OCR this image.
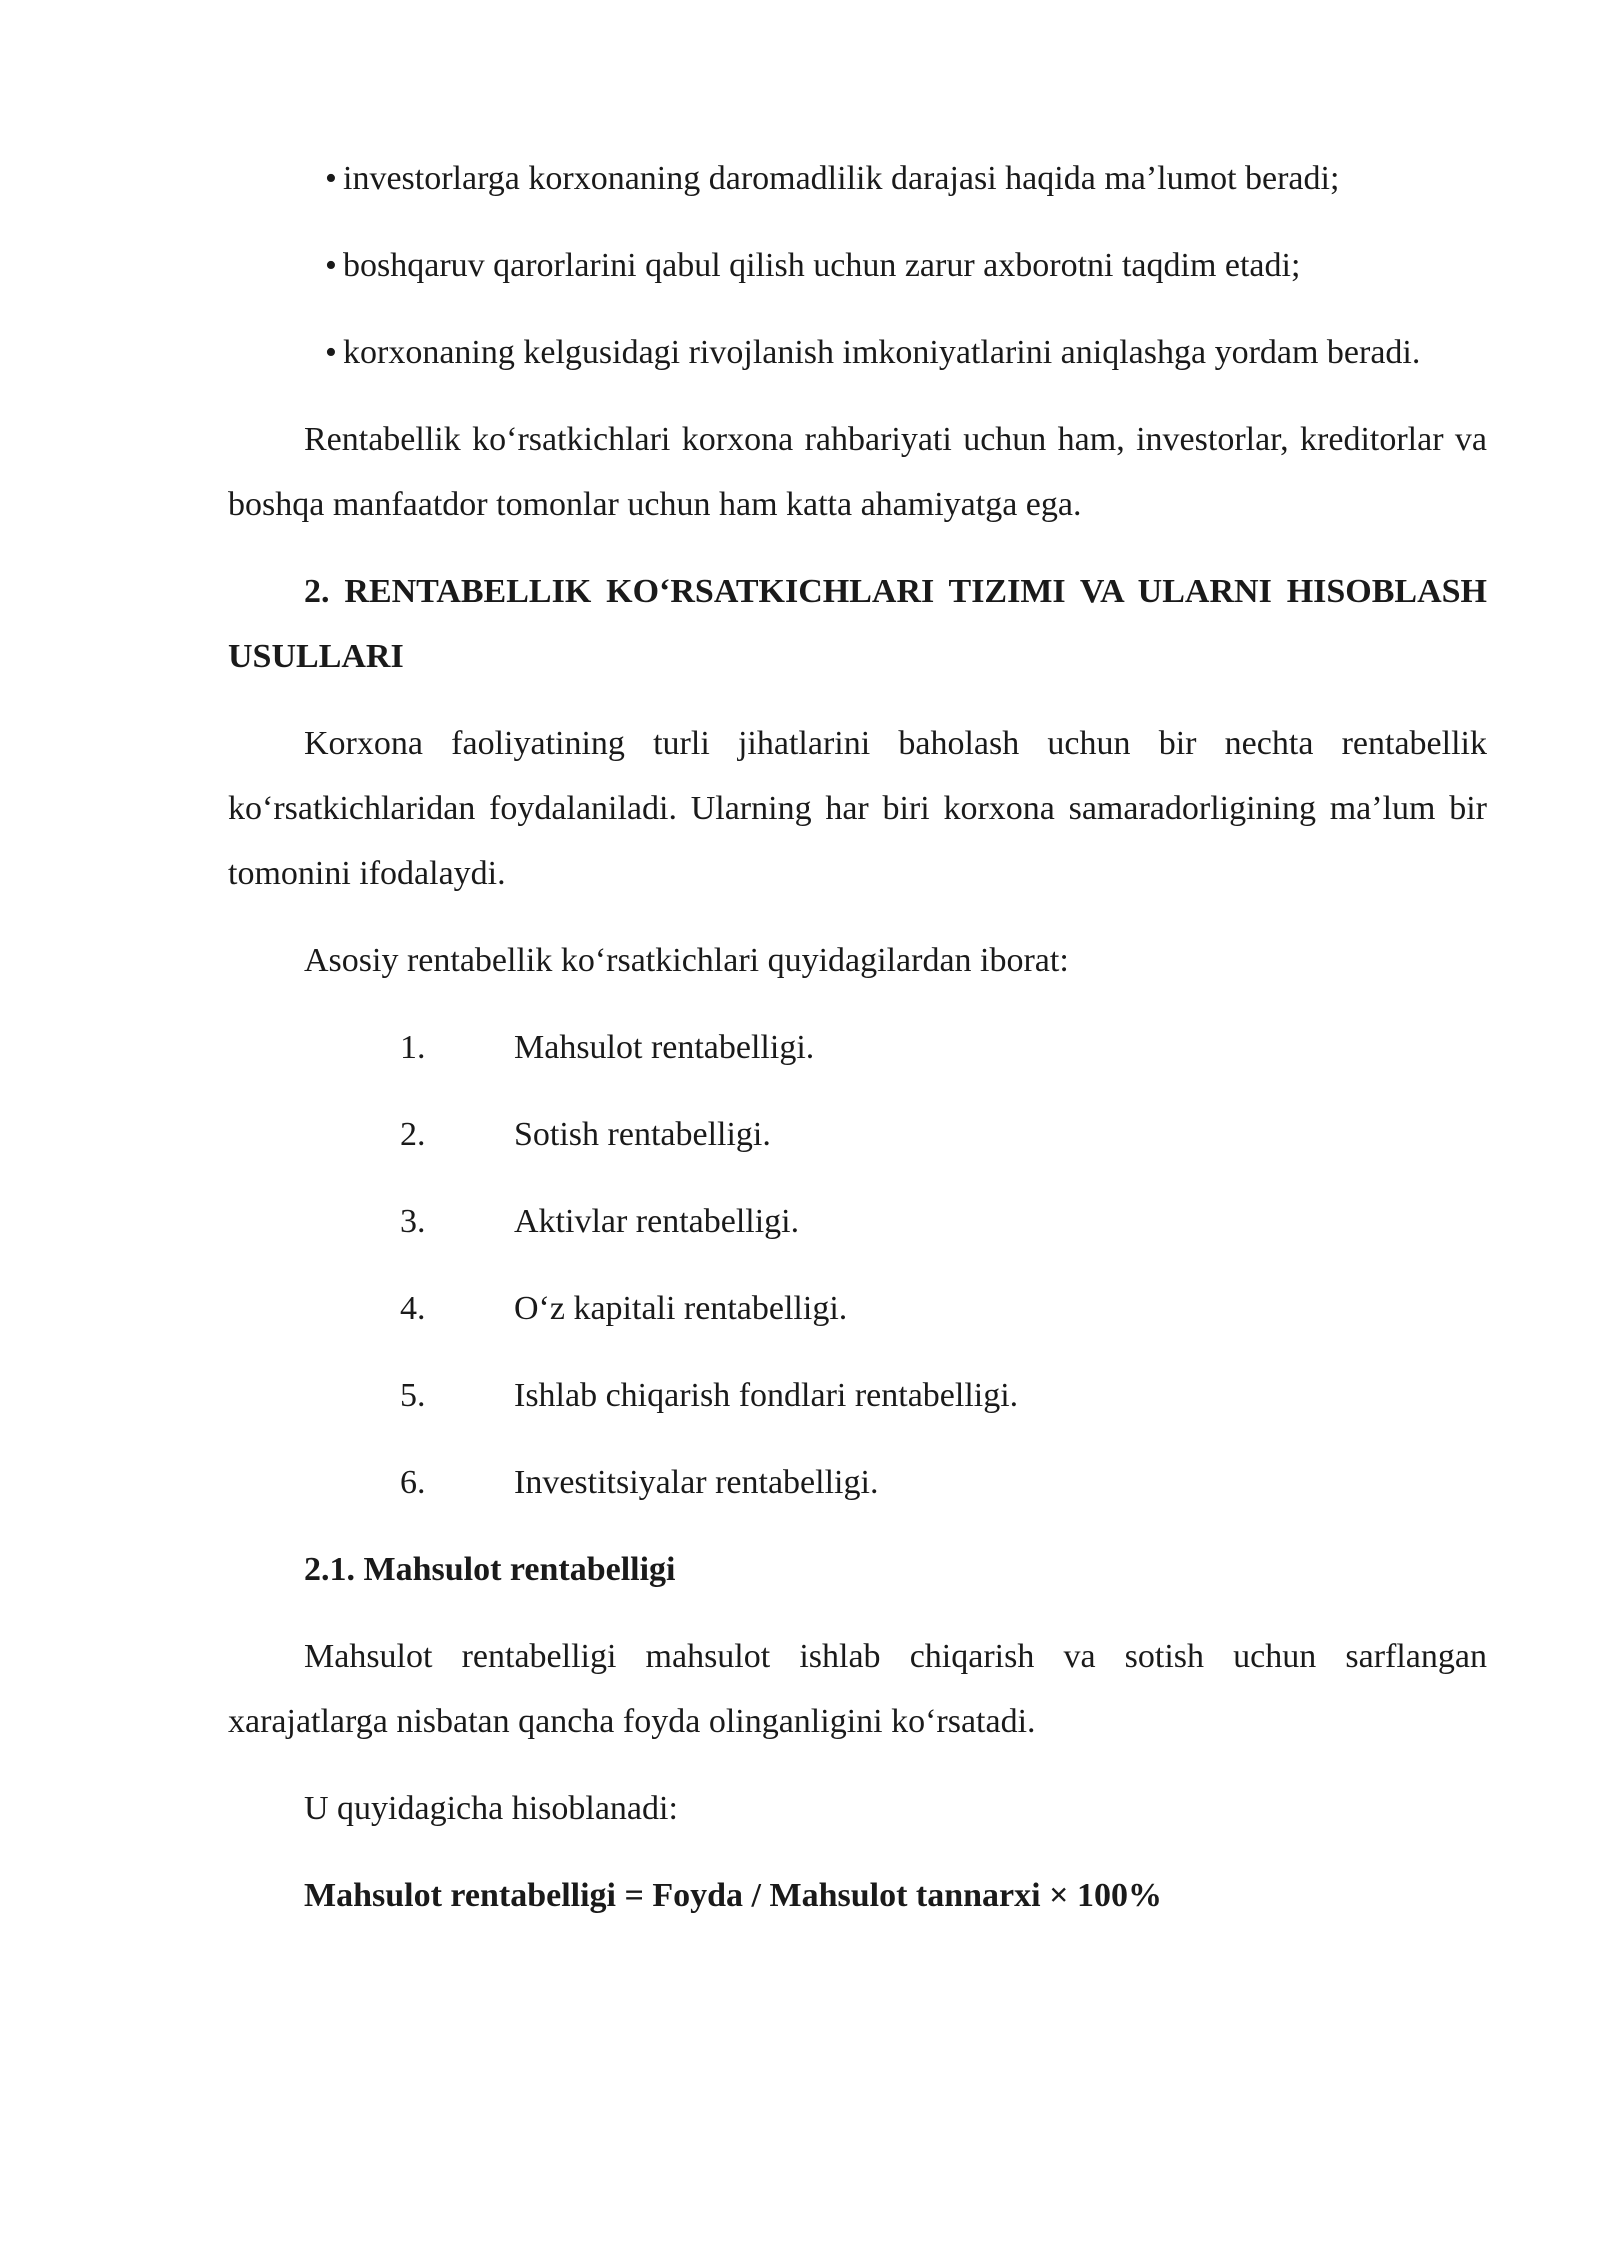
• investorlarga korxonaning daromadlilik darajasi haqida ma’lumot beradi;

• boshqaruv qarorlarini qabul qilish uchun zarur axborotni taqdim etadi;

• korxonaning kelgusidagi rivojlanish imkoniyatlarini aniqlashga yordam beradi.

Rentabellik ko‘rsatkichlari korxona rahbariyati uchun ham, investorlar, kreditorlar va boshqa manfaatdor tomonlar uchun ham katta ahamiyatga ega.

2. RENTABELLIK KO‘RSATKICHLARI TIZIMI VA ULARNI HISOBLASH USULLARI

Korxona faoliyatining turli jihatlarini baholash uchun bir nechta rentabellik ko‘rsatkichlaridan foydalaniladi. Ularning har biri korxona samaradorligining ma’lum bir tomonini ifodalaydi.

Asosiy rentabellik ko‘rsatkichlari quyidagilardan iborat:

1.	Mahsulot rentabelligi.
2.	Sotish rentabelligi.
3.	Aktivlar rentabelligi.
4.	O‘z kapitali rentabelligi.
5.	Ishlab chiqarish fondlari rentabelligi.
6.	Investitsiyalar rentabelligi.

2.1. Mahsulot rentabelligi

Mahsulot rentabelligi mahsulot ishlab chiqarish va sotish uchun sarflangan xarajatlarga nisbatan qancha foyda olinganligini ko‘rsatadi.

U quyidagicha hisoblanadi:

Mahsulot rentabelligi = Foyda / Mahsulot tannarxi × 100%
